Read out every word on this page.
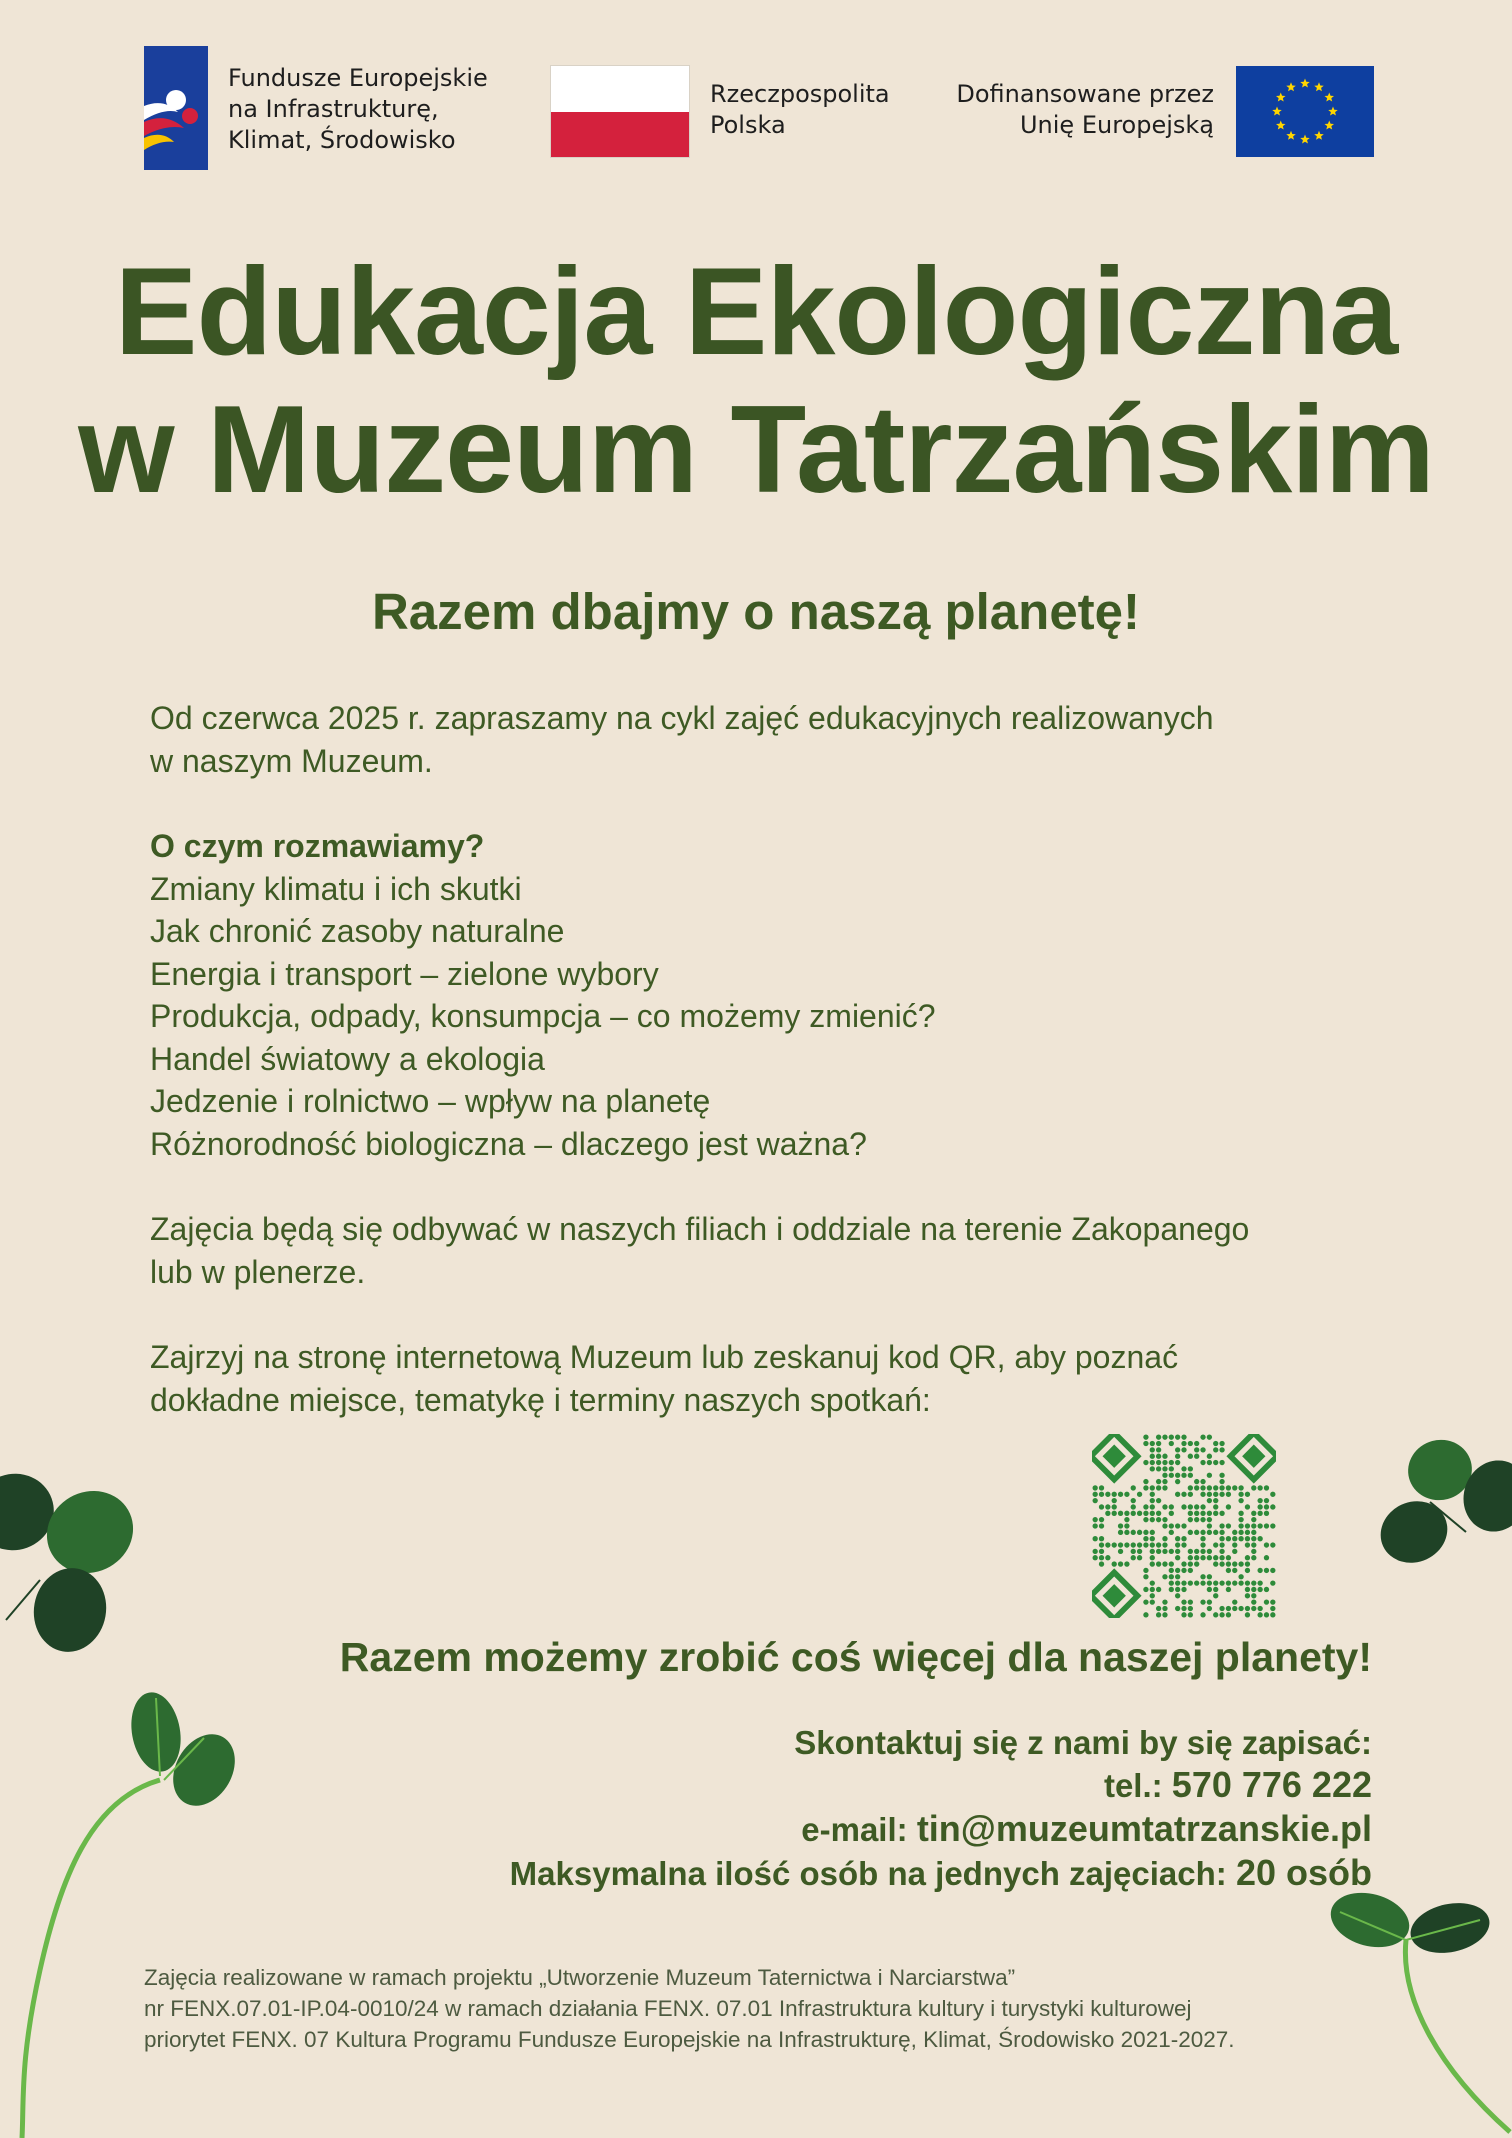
Fundusze Europejskie
na Infrastrukturę,
Klimat, Środowisko
Rzeczpospolita
Polska
Dofinansowane przez
Unię Europejską
Edukacja Ekologiczna
w Muzeum Tatrzańskim
Razem dbajmy o naszą planetę!
Od czerwca 2025 r. zapraszamy na cykl zajęć edukacyjnych realizowanych
w naszym Muzeum.
O czym rozmawiamy?
Zmiany klimatu i ich skutki
Jak chronić zasoby naturalne
Energia i transport – zielone wybory
Produkcja, odpady, konsumpcja – co możemy zmienić?
Handel światowy a ekologia
Jedzenie i rolnictwo – wpływ na planetę
Różnorodność biologiczna – dlaczego jest ważna?
Zajęcia będą się odbywać w naszych filiach i oddziale na terenie Zakopanego
lub w plenerze.
Zajrzyj na stronę internetową Muzeum lub zeskanuj kod QR, aby poznać
dokładne miejsce, tematykę i terminy naszych spotkań:
Razem możemy zrobić coś więcej dla naszej planety!
Skontaktuj się z nami by się zapisać:
tel.: 570 776 222
e-mail: tin@muzeumtatrzanskie.pl
Maksymalna ilość osób na jednych zajęciach: 20 osób
Zajęcia realizowane w ramach projektu „Utworzenie Muzeum Taternictwa i Narciarstwa”
nr FENX.07.01-IP.04-0010/24 w ramach działania FENX. 07.01 Infrastruktura kultury i turystyki kulturowej
priorytet FENX. 07 Kultura Programu Fundusze Europejskie na Infrastrukturę, Klimat, Środowisko 2021-2027.
